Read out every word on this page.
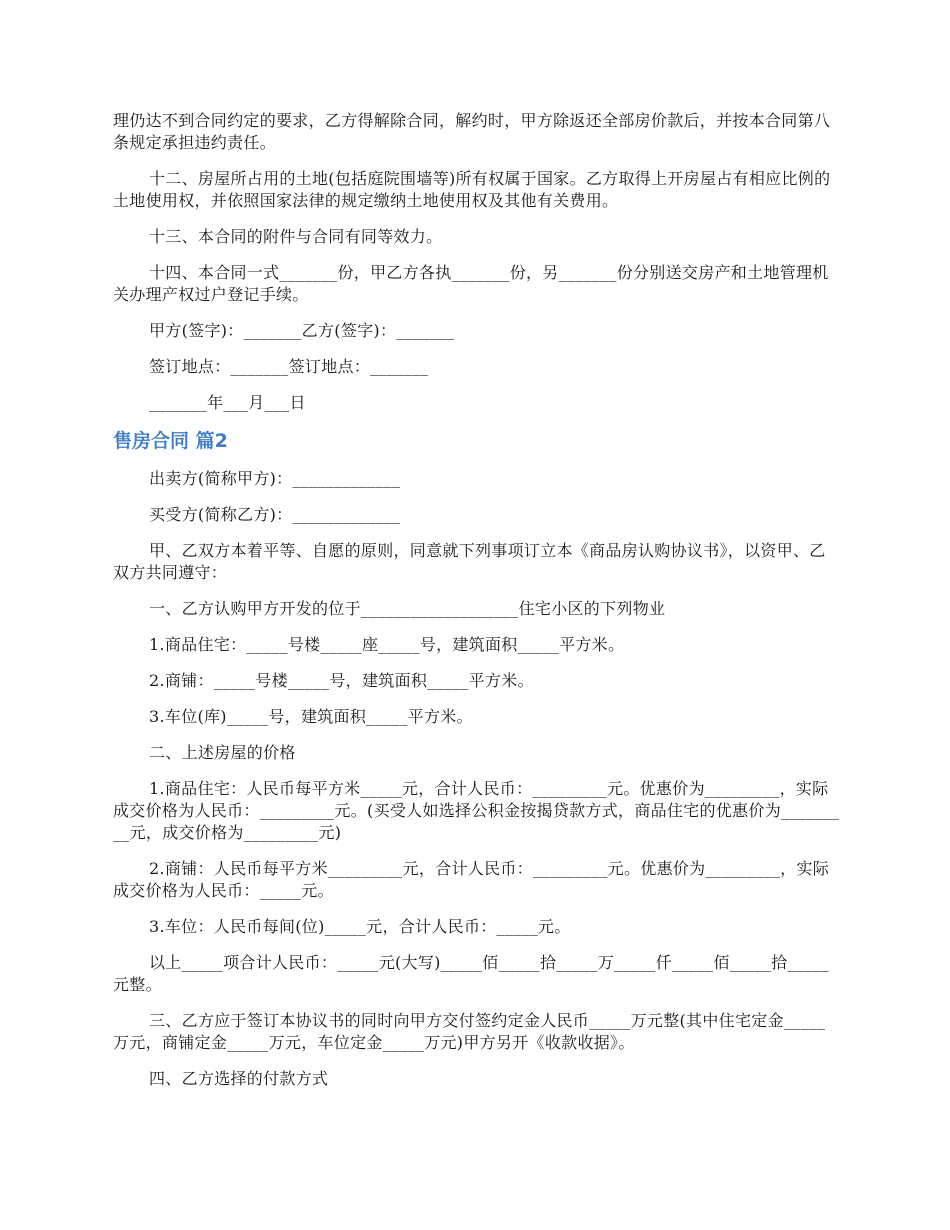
理仍达不到合同约定的要求，乙方得解除合同，解约时，甲方除返还全部房价款后，并按本合同第八条规定承担违约责任。

十二、房屋所占用的土地(包括庭院围墙等)所有权属于国家。乙方取得上开房屋占有相应比例的土地使用权，并依照国家法律的规定缴纳土地使用权及其他有关费用。

十三、本合同的附件与合同有同等效力。

十四、本合同一式_______份，甲乙方各执_______份，另_______份分别送交房产和土地管理机关办理产权过户登记手续。

甲方(签字)：_______乙方(签字)：_______

签订地点：_______签订地点：_______

_______年___月___日

售房合同 篇2

出卖方(简称甲方)：_____________

买受方(简称乙方)：_____________

甲、乙双方本着平等、自愿的原则，同意就下列事项订立本《商品房认购协议书》，以资甲、乙双方共同遵守：

一、乙方认购甲方开发的位于___________________住宅小区的下列物业

1.商品住宅：_____号楼_____座_____号，建筑面积_____平方米。

2.商铺：_____号楼_____号，建筑面积_____平方米。

3.车位(库)_____号，建筑面积_____平方米。

二、上述房屋的价格

1.商品住宅：人民币每平方米_____元，合计人民币：_________元。优惠价为_________，实际成交价格为人民币：_________元。(买受人如选择公积金按揭贷款方式，商品住宅的优惠价为_________元，成交价格为_________元)

2.商铺：人民币每平方米_________元，合计人民币：_________元。优惠价为_________，实际成交价格为人民币：_____元。

3.车位：人民币每间(位)_____元，合计人民币：_____元。

以上_____项合计人民币：_____元(大写)_____佰_____拾_____万_____仟_____佰_____拾_____元整。

三、乙方应于签订本协议书的同时向甲方交付签约定金人民币_____万元整(其中住宅定金_____万元，商铺定金_____万元，车位定金_____万元)甲方另开《收款收据》。

四、乙方选择的付款方式
